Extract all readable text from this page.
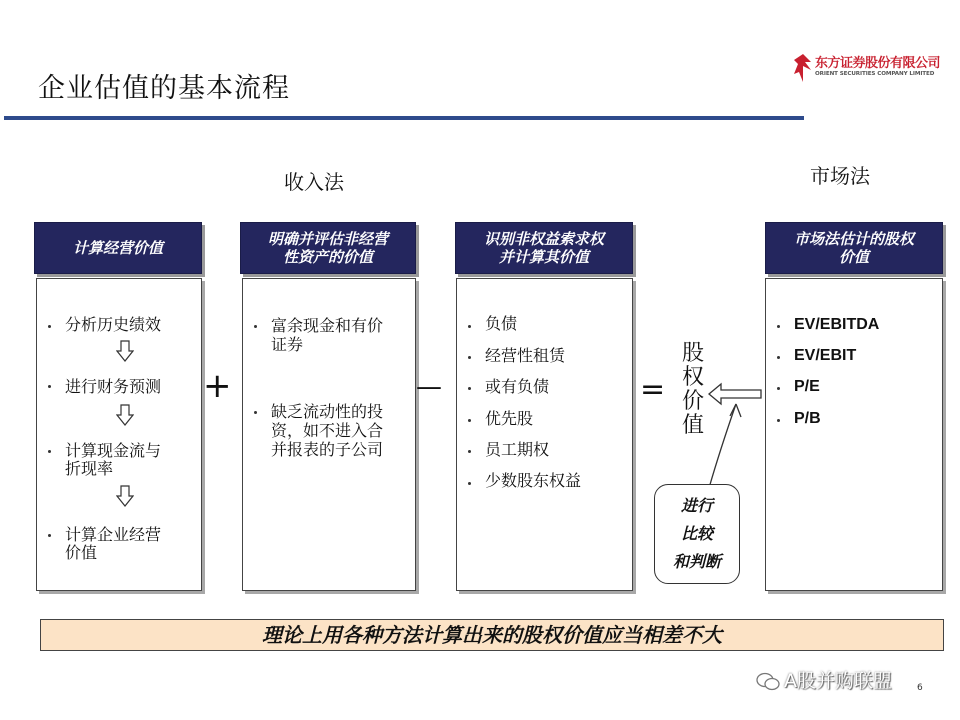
企业估值的基本流程
东方证券股份有限公司
ORIENT SECURITIES COMPANY LIMITED
收入法	市场法
计算经营价值
分析历史绩效
进行财务预测
计算现金流与
折现率
计算企业经营
价值
+
明确并评估非经营
性资产的价值
富余现金和有价
证券
缺乏流动性的投
资，如不进入合
并报表的子公司
—
识别非权益索求权
并计算其价值
负债
经营性租赁
或有负债
优先股
员工期权
少数股东权益
=
股权价值
进行
比较
和判断
市场法估计的股权
价值
EV/EBITDA
EV/EBIT
P/E
P/B
理论上用各种方法计算出来的股权价值应当相差不大
A股并购联盟	6
